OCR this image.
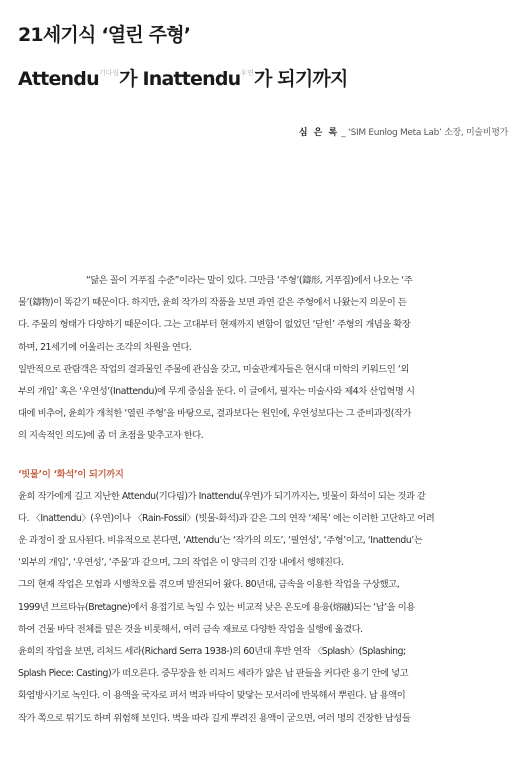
21세기식 ‘열린 주형’
Attendu$^{기다림}$가 Inattendu$^{우연}$가 되기까지
심 은 록 _ ‘SIM Eunlog Meta Lab’ 소장, 미술비평가
“닮은 꼴이 거푸집 수준”이라는 말이 있다. 그만큼 ‘주형’(鑄形, 거푸집)에서 나오는 ‘주
물’(鑄物)이 똑같기 때문이다. 하지만, 윤희 작가의 작품을 보면 과연 같은 주형에서 나왔는지 의문이 든
다. 주물의 형태가 다양하기 때문이다. 그는 고대부터 현재까지 변함이 없었던 ‘닫힌’ 주형의 개념을 확장
하며, 21세기에 어울리는 조각의 차원을 연다.
일반적으로 관람객은 작업의 결과물인 주물에 관심을 갖고, 미술관계자들은 현시대 미학의 키워드인 ‘외
부의 개입’ 혹은 ‘우연성’(Inattendu)에 무게 중심을 둔다. 이 글에서, 필자는 미술사와 제4차 산업혁명 시
대에 비추어, 윤희가 개척한 ‘열린 주형’을 바탕으로, 결과보다는 원인에, 우연성보다는 그 준비과정(작가
의 지속적인 의도)에 좀 더 초점을 맞추고자 한다.
‘빗물’이 ‘화석’이 되기까지
윤희 작가에게 길고 지난한 Attendu(기다림)가 Inattendu(우연)가 되기까지는, 빗물이 화석이 되는 것과 같
다. 〈Inattendu〉(우연)이나 〈Rain-Fossil〉(빗물-화석)과 같은 그의 연작 ‘제목’ 에는 이러한 고단하고 어려
운 과정이 잘 묘사된다. 비유적으로 본다면, ‘Attendu’는 ‘작가의 의도’, ‘필연성’, ‘주형’이고, ‘Inattendu’는
‘외부의 개입’, ‘우연성’, ‘주물’과 같으며, 그의 작업은 이 양극의 긴장 내에서 행해진다.
그의 현재 작업은 모험과 시행착오를 겪으며 발전되어 왔다. 80년대, 금속을 이용한 작업을 구상했고,
1999년 브르타뉴(Bretagne)에서 용접기로 녹일 수 있는 비교적 낮은 온도에 용융(熔融)되는 ‘납’을 이용
하여 건물 바닥 전체를 덮은 것을 비롯해서, 여러 금속 재료로 다양한 작업을 실행에 옮겼다.
윤희의 작업을 보면, 리처드 세라(Richard Serra 1938-)의 60년대 후반 연작 〈Splash〉(Splashing;
Splash Piece: Casting)가 떠오른다. 중무장을 한 리처드 세라가 얇은 납 판들을 커다란 용기 안에 넣고
화염방사기로 녹인다. 이 용액을 국자로 퍼서 벽과 바닥이 맞닿는 모서리에 반복해서 뿌린다. 납 용액이
작가 쪽으로 튀기도 하며 위험해 보인다. 벽을 따라 길게 뿌려진 용액이 굳으면, 여러 명의 건장한 남성들
